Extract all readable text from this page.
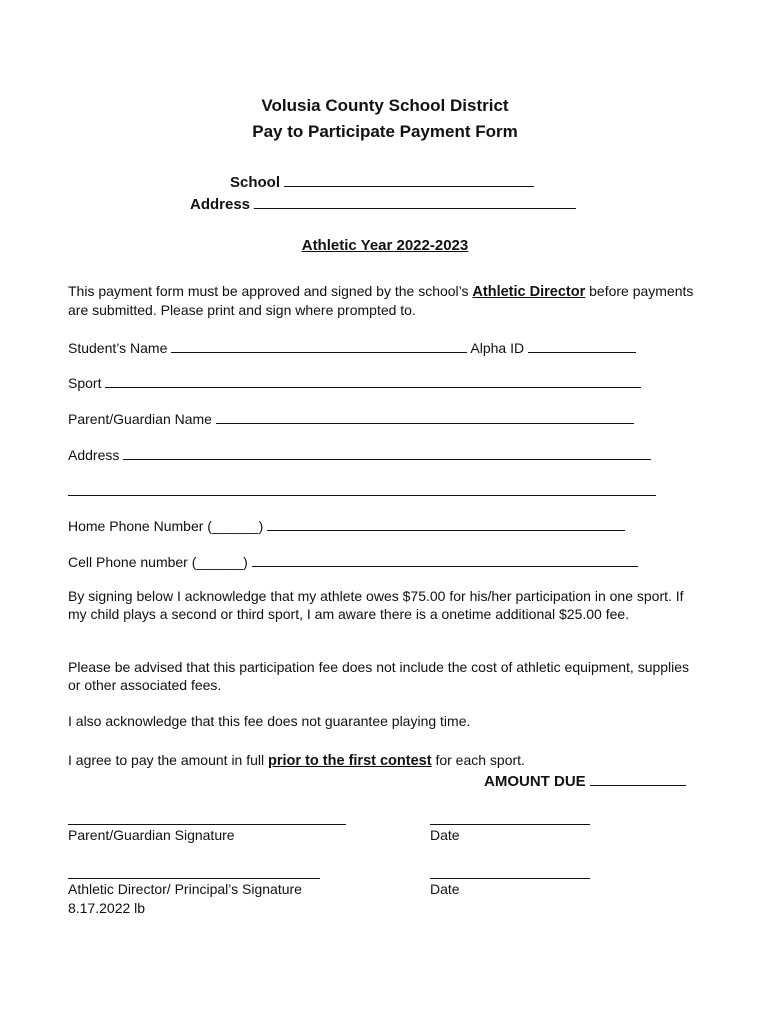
Volusia County School District
Pay to Participate Payment Form
School
Address
Athletic Year 2022-2023
This payment form must be approved and signed by the school’s Athletic Director before payments are submitted. Please print and sign where prompted to.
Student’s Name	Alpha ID
Sport
Parent/Guardian Name
Address
Home Phone Number (______)
Cell Phone number (______)
By signing below I acknowledge that my athlete owes $75.00 for his/her participation in one sport. If my child plays a second or third sport, I am aware there is a onetime additional $25.00 fee.
Please be advised that this participation fee does not include the cost of athletic equipment, supplies or other associated fees.
I also acknowledge that this fee does not guarantee playing time.
I agree to pay the amount in full prior to the first contest for each sport.
AMOUNT DUE
Parent/Guardian Signature	Date
Athletic Director/ Principal’s Signature	Date
8.17.2022 lb
